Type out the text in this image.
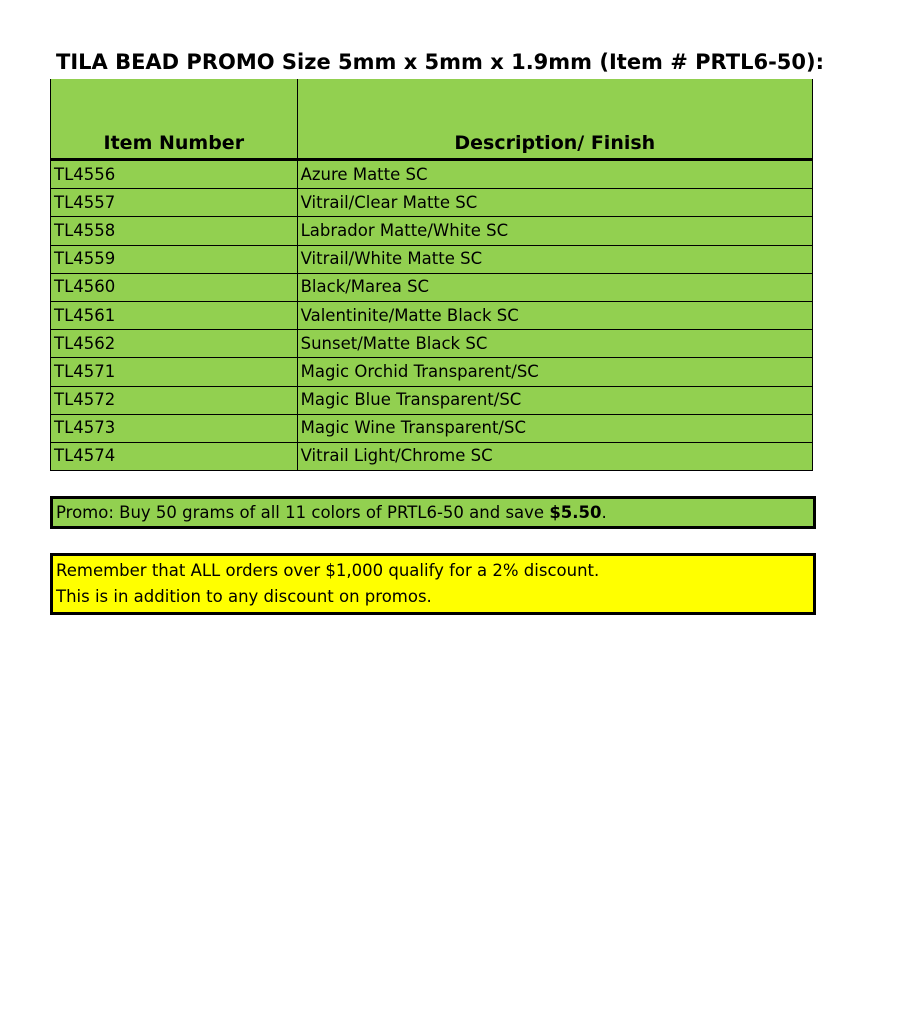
TILA BEAD PROMO Size 5mm x 5mm x 1.9mm (Item # PRTL6-50):
Item Number	Description/ Finish
TL4556	Azure Matte SC
TL4557	Vitrail/Clear Matte SC
TL4558	Labrador Matte/White SC
TL4559	Vitrail/White Matte SC
TL4560	Black/Marea SC
TL4561	Valentinite/Matte Black SC
TL4562	Sunset/Matte Black SC
TL4571	Magic Orchid Transparent/SC
TL4572	Magic Blue Transparent/SC
TL4573	Magic Wine Transparent/SC
TL4574	Vitrail Light/Chrome SC
Promo: Buy 50 grams of all 11 colors of PRTL6-50 and save $5.50.
Remember that ALL orders over $1,000 qualify for a 2% discount.
This is in addition to any discount on promos.
